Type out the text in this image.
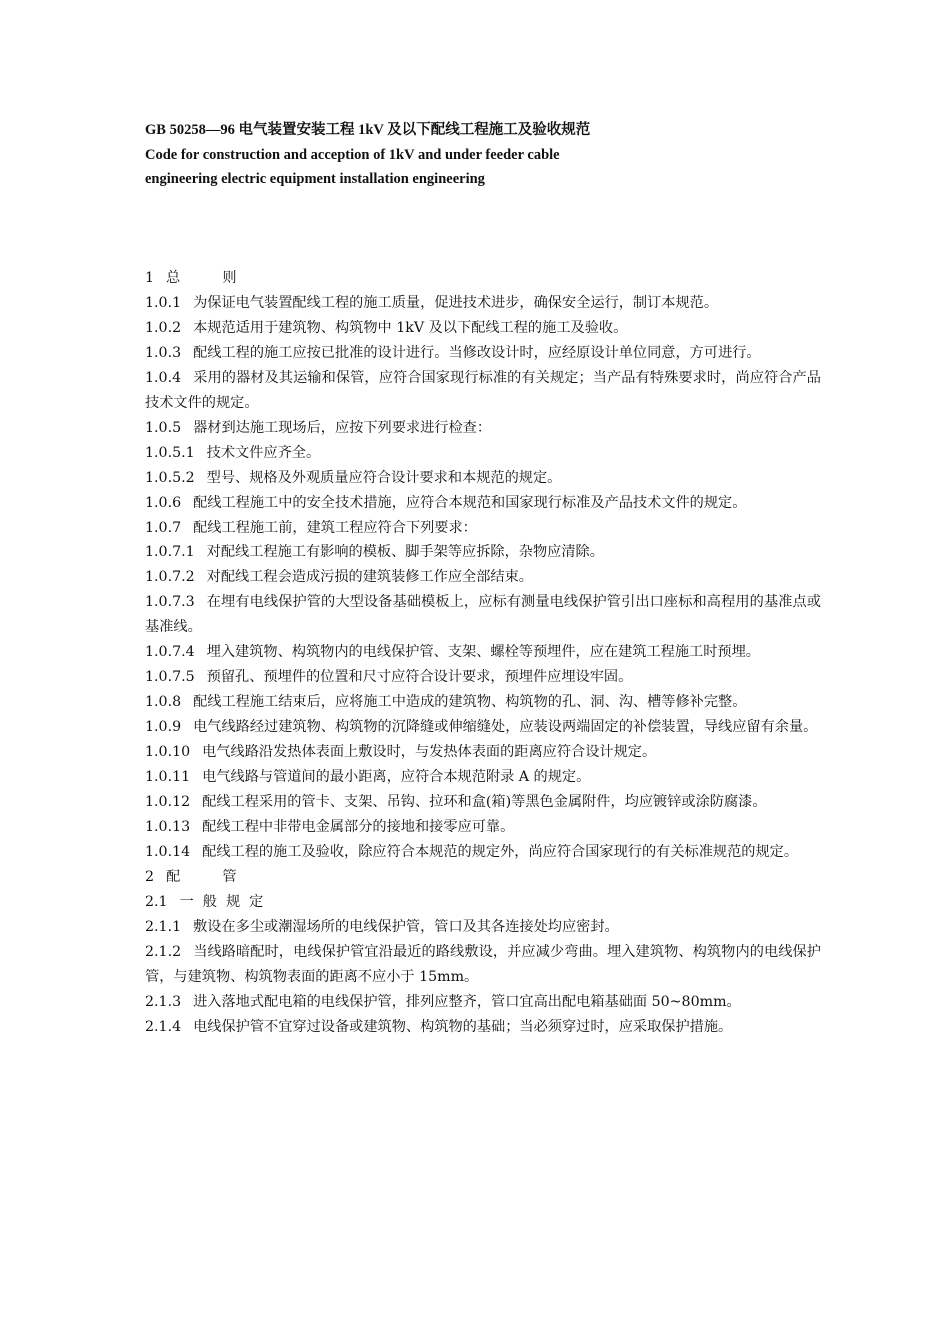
GB 50258—96 电气装置安装工程 1kV 及以下配线工程施工及验收规范
Code for construction and acception of 1kV and under feeder cable
engineering electric equipment installation engineering

1 总　则

1.0.1 为保证电气装置配线工程的施工质量，促进技术进步，确保安全运行，制订本规范。

1.0.2 本规范适用于建筑物、构筑物中 1kV 及以下配线工程的施工及验收。

1.0.3 配线工程的施工应按已批准的设计进行。当修改设计时，应经原设计单位同意，方可进行。

1.0.4 采用的器材及其运输和保管，应符合国家现行标准的有关规定；当产品有特殊要求时，尚应符合产品技术文件的规定。

1.0.5 器材到达施工现场后，应按下列要求进行检查：

1.0.5.1 技术文件应齐全。

1.0.5.2 型号、规格及外观质量应符合设计要求和本规范的规定。

1.0.6 配线工程施工中的安全技术措施，应符合本规范和国家现行标准及产品技术文件的规定。

1.0.7 配线工程施工前，建筑工程应符合下列要求：

1.0.7.1 对配线工程施工有影响的模板、脚手架等应拆除，杂物应清除。

1.0.7.2 对配线工程会造成污损的建筑装修工作应全部结束。

1.0.7.3 在埋有电线保护管的大型设备基础模板上，应标有测量电线保护管引出口座标和高程用的基准点或基准线。

1.0.7.4 埋入建筑物、构筑物内的电线保护管、支架、螺栓等预埋件，应在建筑工程施工时预埋。

1.0.7.5 预留孔、预埋件的位置和尺寸应符合设计要求，预埋件应埋设牢固。

1.0.8 配线工程施工结束后，应将施工中造成的建筑物、构筑物的孔、洞、沟、槽等修补完整。

1.0.9 电气线路经过建筑物、构筑物的沉降缝或伸缩缝处，应装设两端固定的补偿装置，导线应留有余量。

1.0.10 电气线路沿发热体表面上敷设时，与发热体表面的距离应符合设计规定。

1.0.11 电气线路与管道间的最小距离，应符合本规范附录 A 的规定。

1.0.12 配线工程采用的管卡、支架、吊钩、拉环和盒(箱)等黑色金属附件，均应镀锌或涂防腐漆。

1.0.13 配线工程中非带电金属部分的接地和接零应可靠。

1.0.14 配线工程的施工及验收，除应符合本规范的规定外，尚应符合国家现行的有关标准规范的规定。

2 配　管

2.1 一般规定

2.1.1 敷设在多尘或潮湿场所的电线保护管，管口及其各连接处均应密封。

2.1.2 当线路暗配时，电线保护管宜沿最近的路线敷设，并应减少弯曲。埋入建筑物、构筑物内的电线保护管，与建筑物、构筑物表面的距离不应小于 15mm。

2.1.3 进入落地式配电箱的电线保护管，排列应整齐，管口宜高出配电箱基础面 50~80mm。

2.1.4 电线保护管不宜穿过设备或建筑物、构筑物的基础；当必须穿过时，应采取保护措施。
